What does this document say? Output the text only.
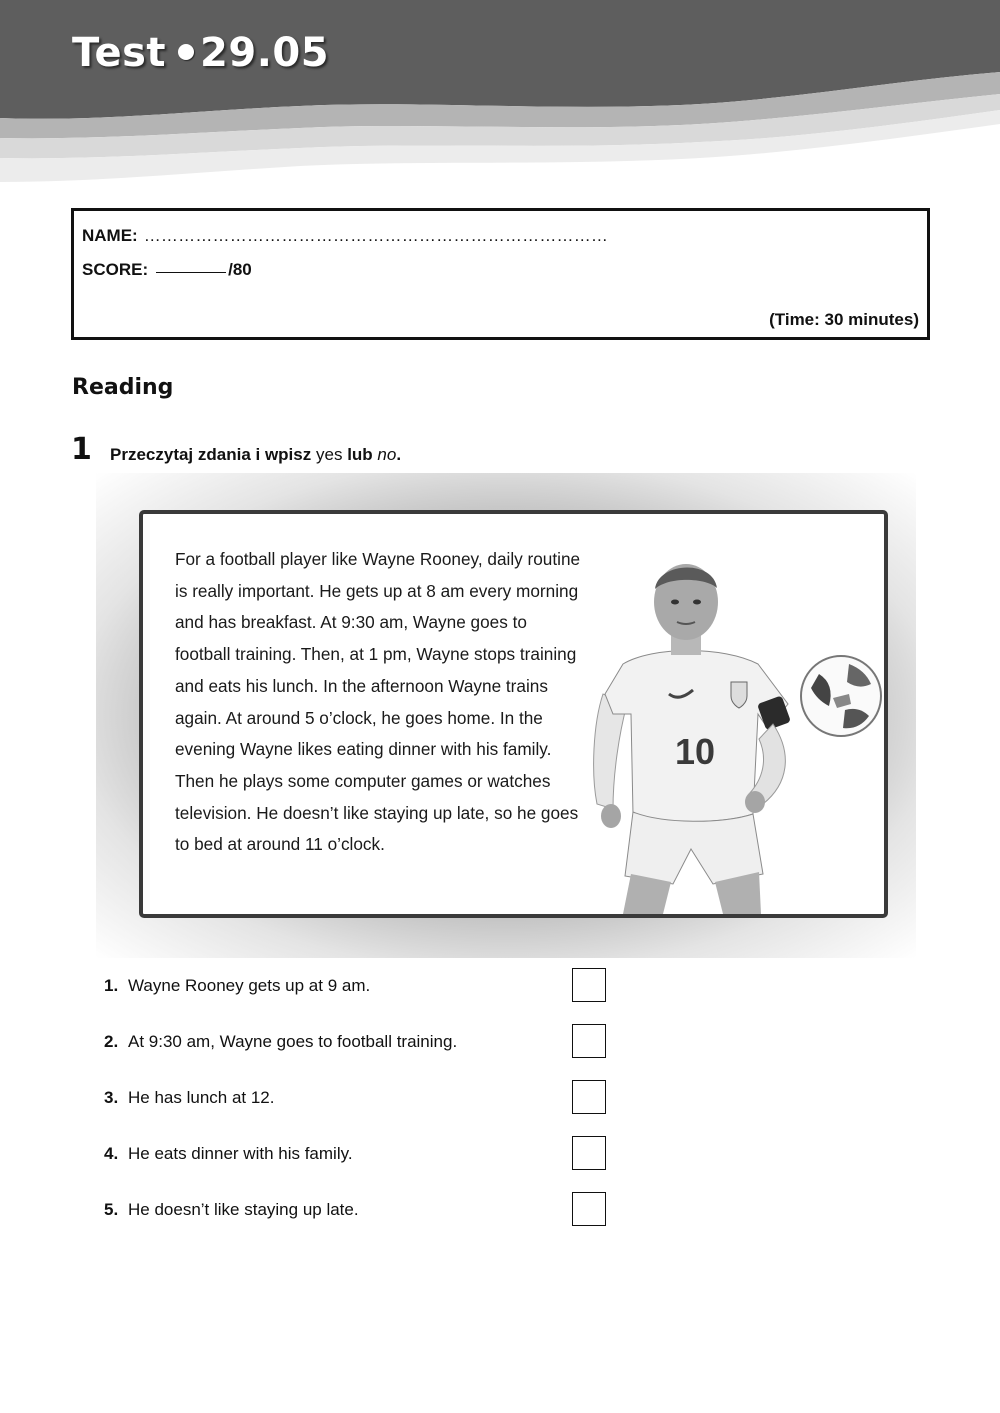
Test 29.05
NAME: ………………………………………………………………………
SCORE:	/80
(Time: 30 minutes)
Reading
1 Przeczytaj zdania i wpisz yes lub no.
For a football player like Wayne Rooney, daily routine is really important. He gets up at 8 am every morning and has breakfast. At 9:30 am, Wayne goes to football training. Then, at 1 pm, Wayne stops training and eats his lunch. In the afternoon Wayne trains again. At around 5 o’clock, he goes home. In the evening Wayne likes eating dinner with his family. Then he plays some computer games or watches television. He doesn’t like staying up late, so he goes to bed at around 11 o’clock.
10
1. Wayne Rooney gets up at 9 am.
2. At 9:30 am, Wayne goes to football training.
3. He has lunch at 12.
4. He eats dinner with his family.
5. He doesn’t like staying up late.
